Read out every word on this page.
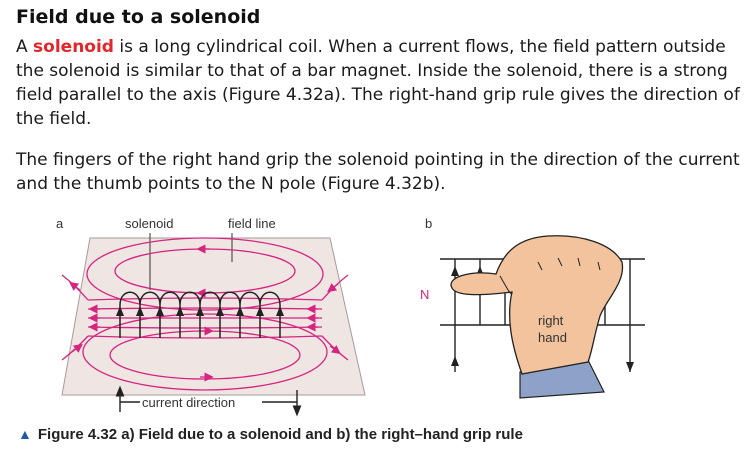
Field due to a solenoid
A solenoid is a long cylindrical coil. When a current flows, the field pattern outside the solenoid is similar to that of a bar magnet. Inside the solenoid, there is a strong field parallel to the axis (Figure 4.32a). The right-hand grip rule gives the direction of the field.
The fingers of the right hand grip the solenoid pointing in the direction of the current and the thumb points to the N pole (Figure 4.32b).
a	solenoid	field line
current direction
b
N
right
hand
▲ Figure 4.32 a) Field due to a solenoid and b) the right–hand grip rule
